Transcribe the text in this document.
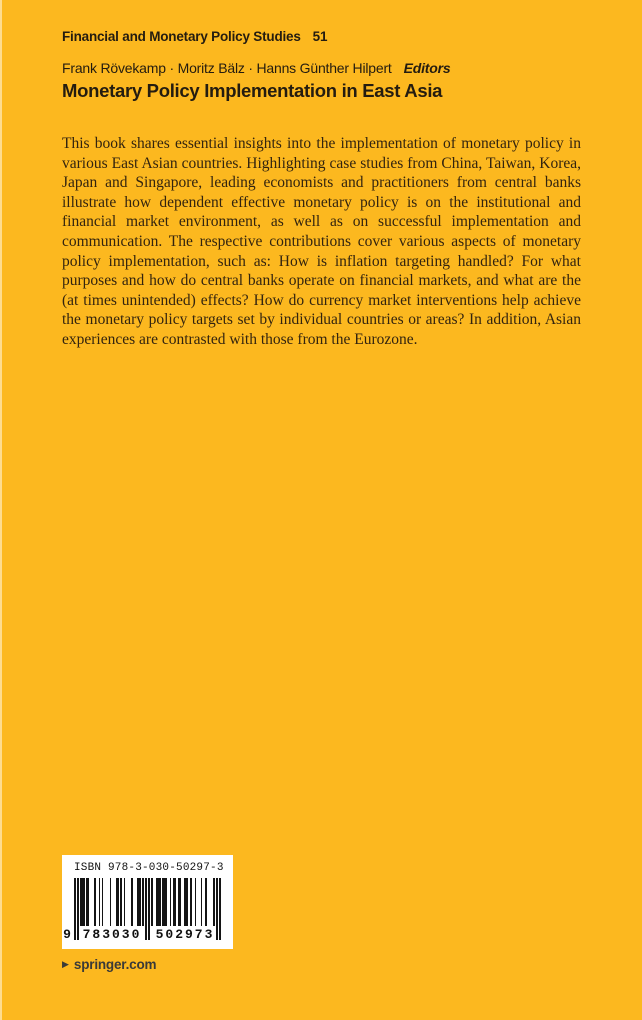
Financial and Monetary Policy Studies 51
Frank Rövekamp · Moritz Bälz · Hanns Günther Hilpert Editors
Monetary Policy Implementation in East Asia

This book shares essential insights into the implementation of monetary policy in various East Asian countries. Highlighting case studies from China, Taiwan, Korea, Japan and Singapore, leading economists and practitioners from central banks illustrate how dependent effective monetary policy is on the institutional and financial market environment, as well as on successful implementation and communication. The respective contributions cover various aspects of monetary policy implementation, such as: How is inflation targeting handled? For what purposes and how do central banks operate on financial markets, and what are the (at times unintended) effects? How do currency market interventions help achieve the monetary policy targets set by individual countries or areas? In addition, Asian experiences are contrasted with those from the Eurozone.

ISBN 978-3-030-50297-3
9 783030 502973
▶ springer.com
